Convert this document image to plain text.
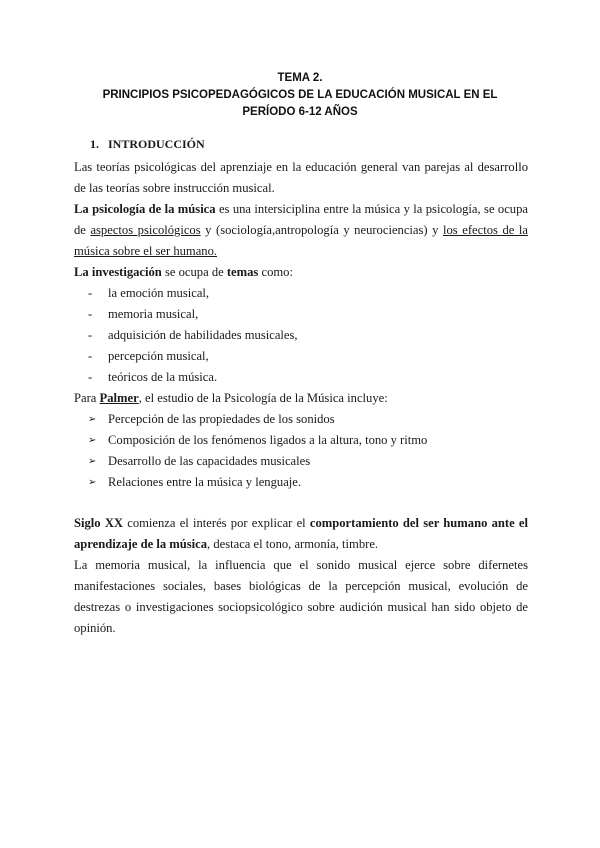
TEMA 2.
PRINCIPIOS PSICOPEDAGÓGICOS DE LA EDUCACIÓN MUSICAL EN EL
PERÍODO 6-12 AÑOS
1. INTRODUCCIÓN

Las teorías psicológicas del aprenziaje en la educación general van parejas al desarrollo de las teorías sobre instrucción musical.

La psicología de la música es una intersiciplina entre la música y la psicología, se ocupa de aspectos psicológicos y (sociología,antropología y neurociencias) y los efectos de la música sobre el ser humano.

La investigación se ocupa de temas como:

- la emoción musical,
- memoria musical,
- adquisición de habilidades musicales,
- percepción musical,
- teóricos de la música.

Para Palmer, el estudio de la Psicología de la Música incluye:

➢ Percepción de las propiedades de los sonidos
➢ Composición de los fenómenos ligados a la altura, tono y ritmo
➢ Desarrollo de las capacidades musicales
➢ Relaciones entre la música y lenguaje.

Siglo XX comienza el interés por explicar el comportamiento del ser humano ante el aprendizaje de la música, destaca el tono, armonía, timbre.

La memoria musical, la influencia que el sonido musical ejerce sobre difernetes manifestaciones sociales, bases biológicas de la percepción musical, evolución de destrezas o investigaciones sociopsicológico sobre audición musical han sido objeto de opinión.
